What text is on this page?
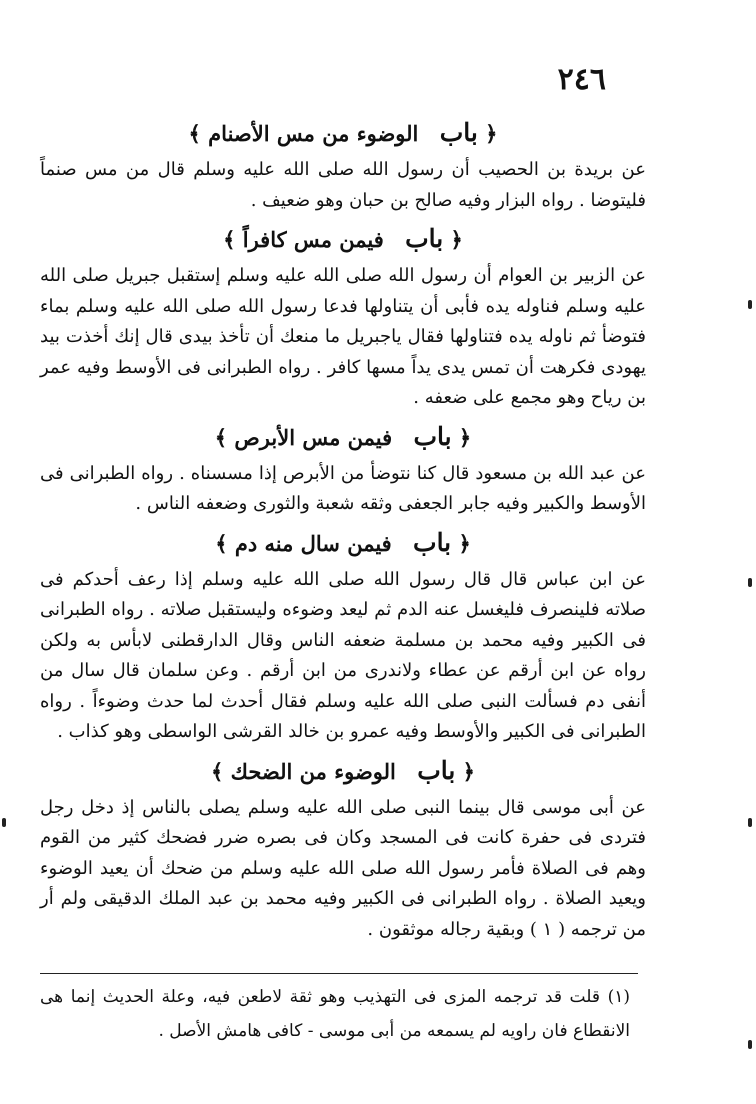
٢٤٦
﴿ باب الوضوء من مس الأصنام ﴾

عن بريدة بن الحصيب أن رسول الله صلى الله عليه وسلم قال من مس صنماً فليتوضا . رواه البزار وفيه صالح بن حبان وهو ضعيف .

﴿ باب فيمن مس كافراً ﴾

عن الزبير بن العوام أن رسول الله صلى الله عليه وسلم إستقبل جبريل صلى الله عليه وسلم فناوله يده فأبى أن يتناولها فدعا رسول الله صلى الله عليه وسلم بماء فتوضأ ثم ناوله يده فتناولها فقال ياجبريل ما منعك أن تأخذ بيدى قال إنك أخذت بيد يهودى فكرهت أن تمس يدى يداً مسها كافر . رواه الطبرانى فى الأوسط وفيه عمر بن رياح وهو مجمع على ضعفه .

﴿ باب فيمن مس الأبرص ﴾

عن عبد الله بن مسعود قال كنا نتوضأ من الأبرص إذا مسسناه . رواه الطبرانى فى الأوسط والكبير وفيه جابر الجعفى وثقه شعبة والثورى وضعفه الناس .

﴿ باب فيمن سال منه دم ﴾

عن ابن عباس قال قال رسول الله صلى الله عليه وسلم إذا رعف أحدكم فى صلاته فلينصرف فليغسل عنه الدم ثم ليعد وضوءه وليستقبل صلاته . رواه الطبرانى فى الكبير وفيه محمد بن مسلمة ضعفه الناس وقال الدارقطنى لابأس به ولكن رواه عن ابن أرقم عن عطاء ولاندرى من ابن أرقم . وعن سلمان قال سال من أنفى دم فسألت النبى صلى الله عليه وسلم فقال أحدث لما حدث وضوءاً . رواه الطبرانى فى الكبير والأوسط وفيه عمرو بن خالد القرشى الواسطى وهو كذاب .

﴿ باب الوضوء من الضحك ﴾

عن أبى موسى قال بينما النبى صلى الله عليه وسلم يصلى بالناس إذ دخل رجل فتردى فى حفرة كانت فى المسجد وكان فى بصره ضرر فضحك كثير من القوم وهم فى الصلاة فأمر رسول الله صلى الله عليه وسلم من ضحك أن يعيد الوضوء ويعيد الصلاة . رواه الطبرانى فى الكبير وفيه محمد بن عبد الملك الدقيقى ولم أر من ترجمه ( ١ ) وبقية رجاله موثقون .

(١) قلت قد ترجمه المزى فى التهذيب وهو ثقة لاطعن فيه، وعلة الحديث إنما هى الانقطاع فان راويه لم يسمعه من أبى موسى - كافى هامش الأصل .
